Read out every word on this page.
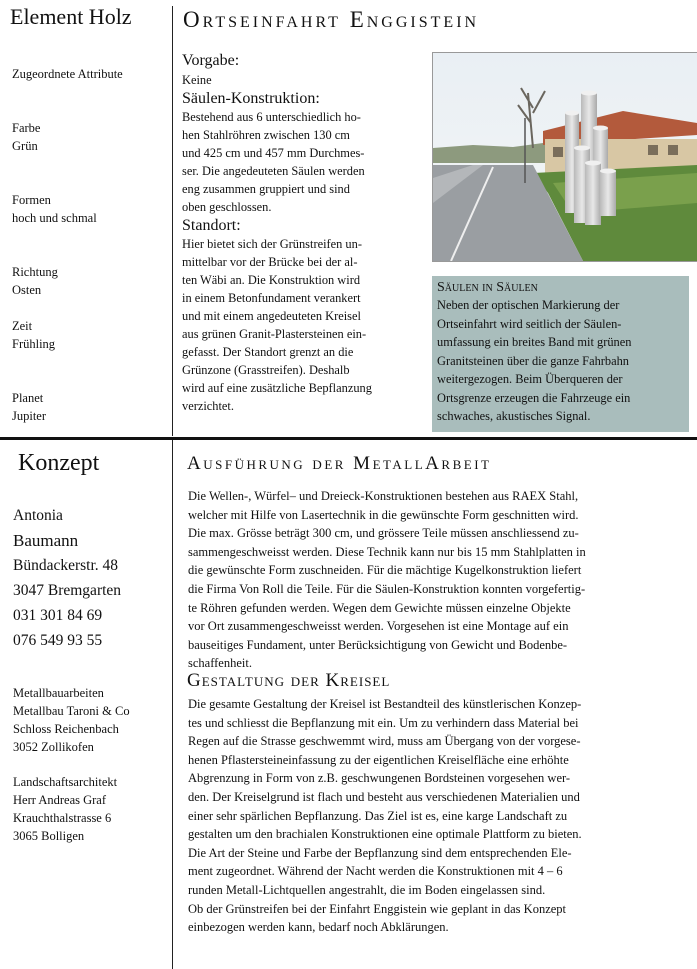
Element Holz
Zugeordnete Attribute
Farbe
Grün
Formen
hoch und schmal
Richtung
Osten
Zeit
Frühling
Planet
Jupiter
Ortseinfahrt Enggistein
Vorgabe:
Keine
Säulen-Konstruktion:
Bestehend aus 6 unterschiedlich ho-
hen Stahlröhren zwischen 130 cm
und 425 cm und 457 mm Durchmes-
ser. Die angedeuteten Säulen werden
eng zusammen gruppiert und sind
oben geschlossen.
Standort:
Hier bietet sich der Grünstreifen un-
mittelbar vor der Brücke bei der al-
ten Wäbi an. Die Konstruktion wird
in einem Betonfundament verankert
und mit einem angedeuteten Kreisel
aus grünen Granit-Plastersteinen ein-
gefasst. Der Standort grenzt an die
Grünzone (Grasstreifen). Deshalb
wird auf eine zusätzliche Bepflanzung
verzichtet.
Säulen in Säulen
Neben der optischen Markierung der
Ortseinfahrt wird seitlich der Säulen-
umfassung ein breites Band mit grünen
Granitsteinen über die ganze Fahrbahn
weitergezogen. Beim Überqueren der
Ortsgrenze erzeugen die Fahrzeuge ein
schwaches, akustisches Signal.
Konzept
Antonia
Baumann
Bündackerstr. 48
3047 Bremgarten
031 301 84 69
076 549 93 55
Metallbauarbeiten
Metallbau Taroni & Co
Schloss Reichenbach
3052 Zollikofen
Landschaftsarchitekt
Herr Andreas Graf
Krauchthalstrasse 6
3065 Bolligen
Ausführung der MetallArbeit
Die Wellen-, Würfel– und Dreieck-Konstruktionen bestehen aus RAEX Stahl,
welcher mit Hilfe von Lasertechnik in die gewünschte Form geschnitten wird.
Die max. Grösse beträgt 300 cm, und grössere Teile müssen anschliessend zu-
sammengeschweisst werden. Diese Technik kann nur bis 15 mm Stahlplatten in
die gewünschte Form zuschneiden. Für die mächtige Kugelkonstruktion liefert
die Firma Von Roll die Teile. Für die Säulen-Konstruktion konnten vorgefertig-
te Röhren gefunden werden. Wegen dem Gewichte müssen einzelne Objekte
vor Ort zusammengeschweisst werden. Vorgesehen ist eine Montage auf ein
bauseitiges Fundament, unter Berücksichtigung von Gewicht und Bodenbe-
schaffenheit.
Gestaltung der Kreisel
Die gesamte Gestaltung der Kreisel ist Bestandteil des künstlerischen Konzep-
tes und schliesst die Bepflanzung mit ein. Um zu verhindern dass Material bei
Regen auf die Strasse geschwemmt wird, muss am Übergang von der vorgese-
henen Pflastersteineinfassung zu der eigentlichen Kreiselfläche eine erhöhte
Abgrenzung in Form von z.B. geschwungenen Bordsteinen vorgesehen wer-
den. Der Kreiselgrund ist flach und besteht aus verschiedenen Materialien und
einer sehr spärlichen Bepflanzung. Das Ziel ist es, eine karge Landschaft zu
gestalten um den brachialen Konstruktionen eine optimale Plattform zu bieten.
Die Art der Steine und Farbe der Bepflanzung sind dem entsprechenden Ele-
ment zugeordnet. Während der Nacht werden die Konstruktionen mit 4 – 6
runden Metall-Lichtquellen angestrahlt, die im Boden eingelassen sind.
Ob der Grünstreifen bei der Einfahrt Enggistein wie geplant in das Konzept
einbezogen werden kann, bedarf noch Abklärungen.
